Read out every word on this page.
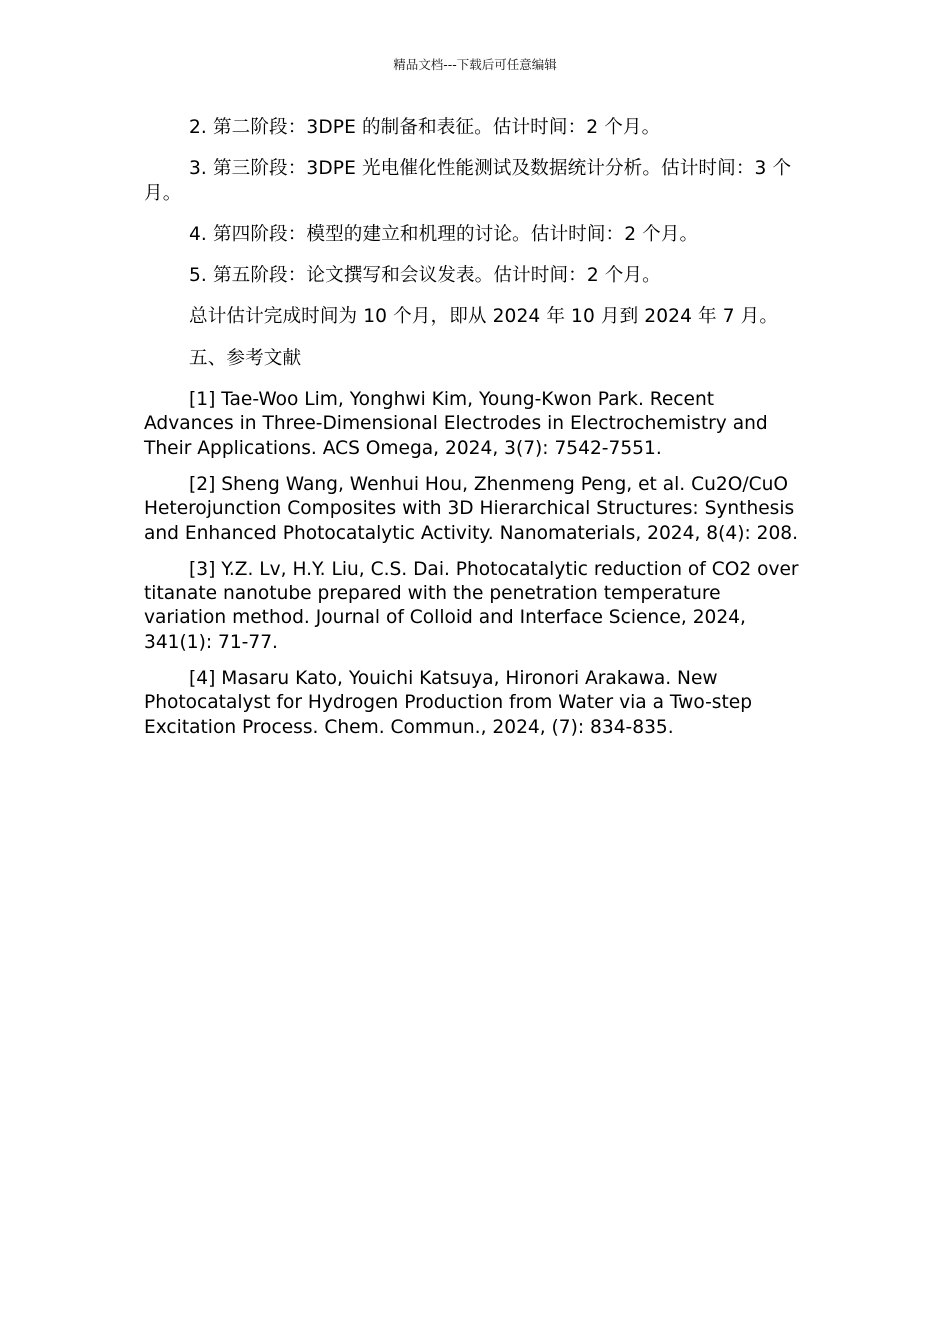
精品文档---下载后可任意编辑

2. 第二阶段：3DPE 的制备和表征。估计时间：2 个月。

3. 第三阶段：3DPE 光电催化性能测试及数据统计分析。估计时间：3 个月。

4. 第四阶段：模型的建立和机理的讨论。估计时间：2 个月。

5. 第五阶段：论文撰写和会议发表。估计时间：2 个月。

总计估计完成时间为 10 个月，即从 2024 年 10 月到 2024 年 7 月。

五、参考文献

[1] Tae-Woo Lim, Yonghwi Kim, Young-Kwon Park. Recent Advances in Three-Dimensional Electrodes in Electrochemistry and Their Applications. ACS Omega, 2024, 3(7): 7542-7551.

[2] Sheng Wang, Wenhui Hou, Zhenmeng Peng, et al. Cu2O/CuO Heterojunction Composites with 3D Hierarchical Structures: Synthesis and Enhanced Photocatalytic Activity. Nanomaterials, 2024, 8(4): 208.

[3] Y.Z. Lv, H.Y. Liu, C.S. Dai. Photocatalytic reduction of CO2 over titanate nanotube prepared with the penetration temperature variation method. Journal of Colloid and Interface Science, 2024, 341(1): 71-77.

[4] Masaru Kato, Youichi Katsuya, Hironori Arakawa. New Photocatalyst for Hydrogen Production from Water via a Two-step Excitation Process. Chem. Commun., 2024, (7): 834-835.
